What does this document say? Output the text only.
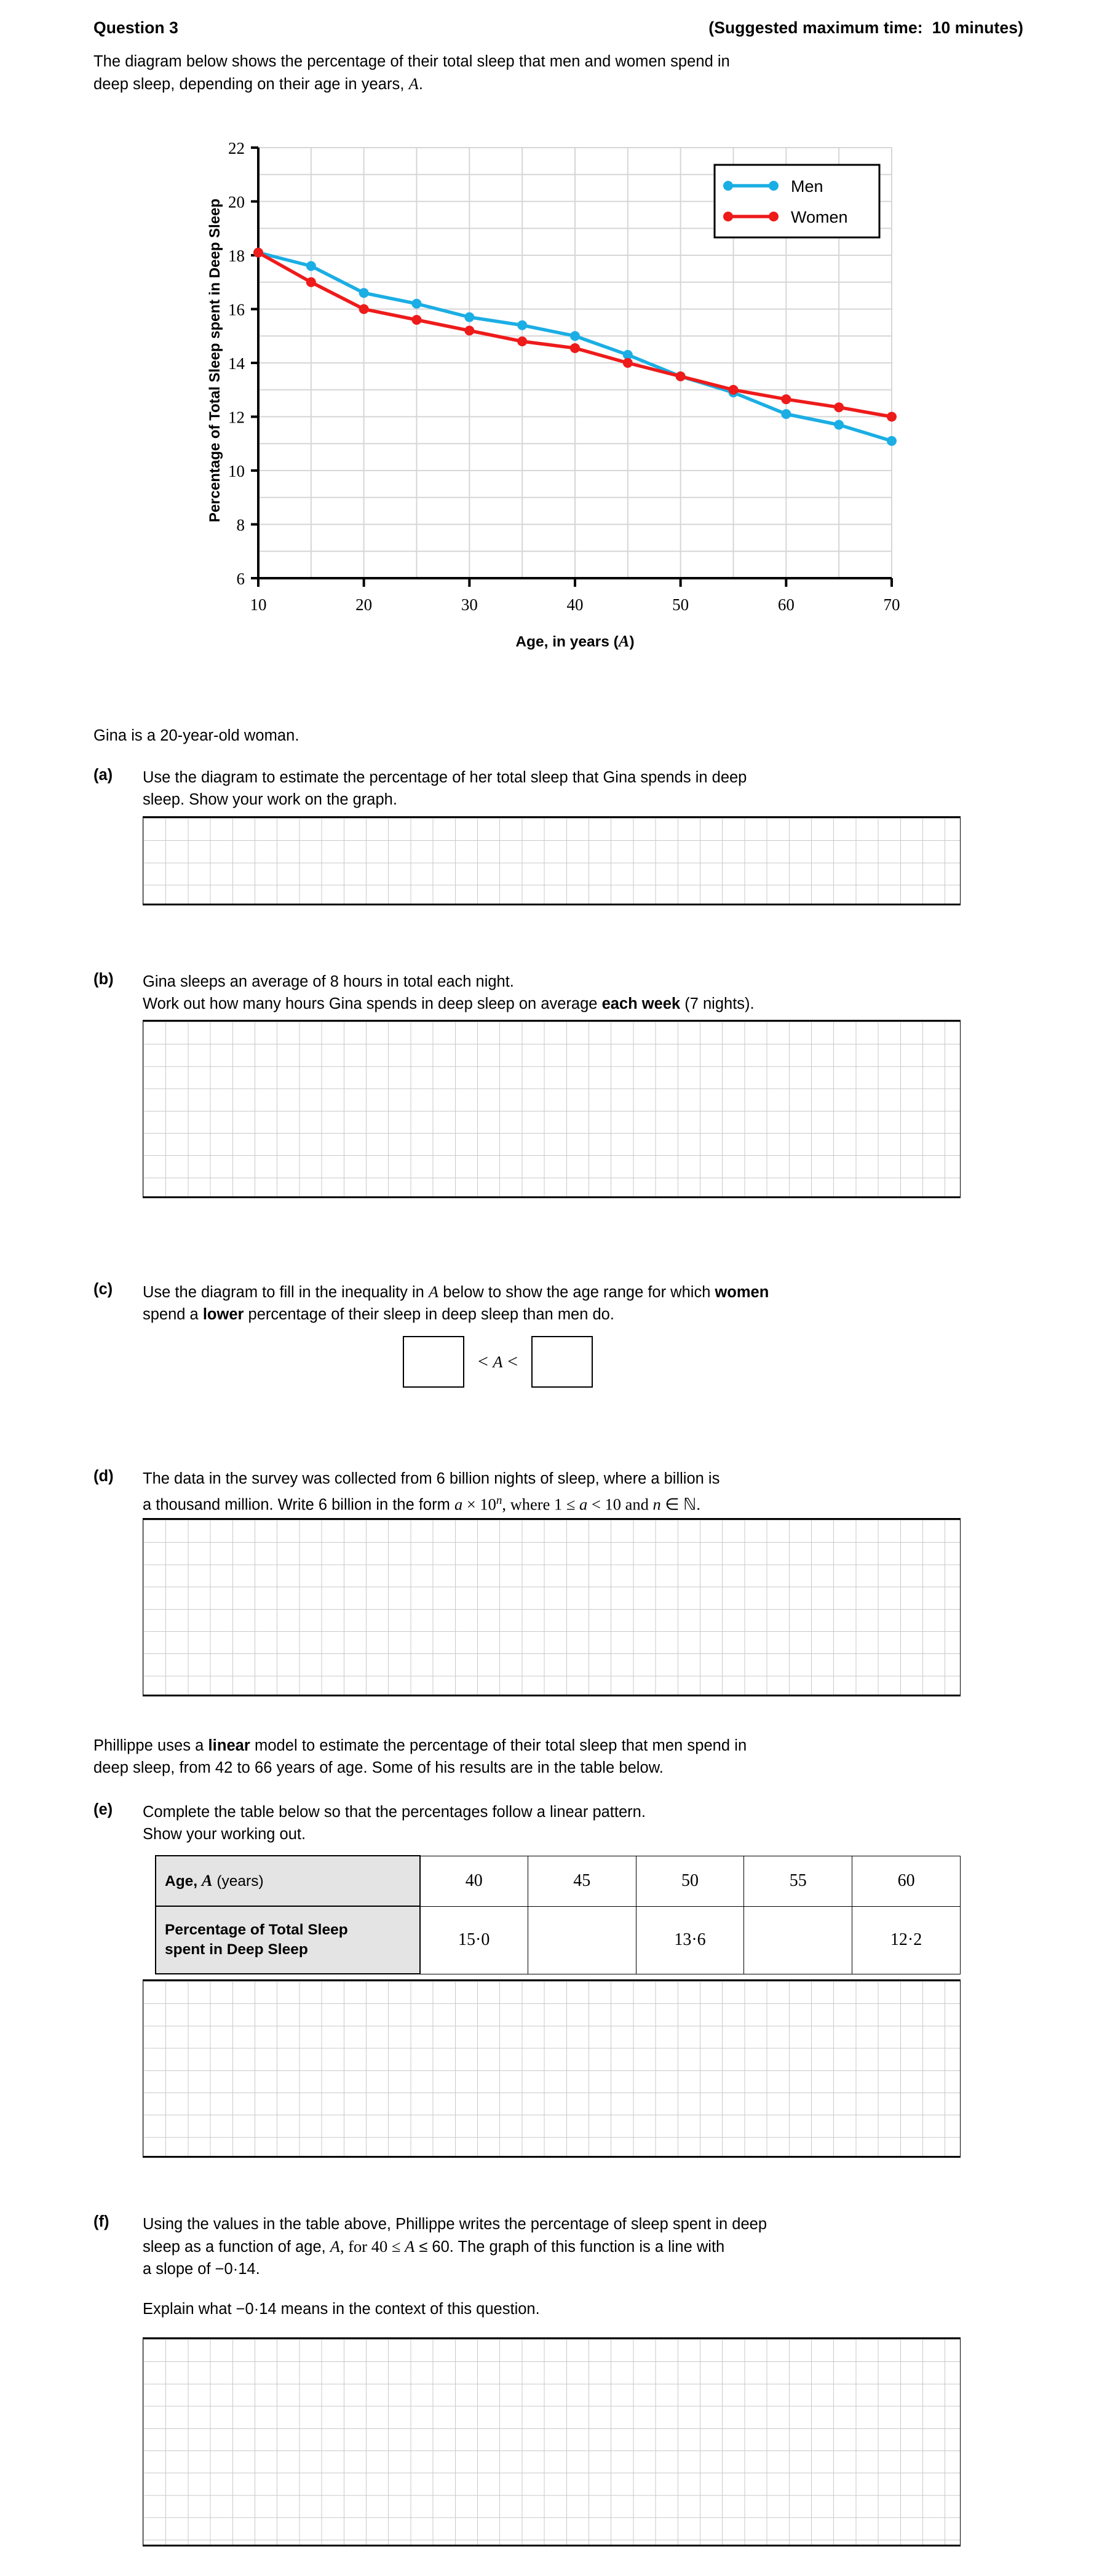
Question 3	(Suggested maximum time:  10 minutes)
The diagram below shows the percentage of their total sleep that men and women spend in
deep sleep, depending on their age in years, A.
Percentage of Total Sleep spent in Deep Sleep
6
8
10
12
14
16
18
20
22
10	20	30	40	50	60	70
Men
Women
Age, in years (A)
Gina is a 20-year-old woman.
(a) Use the diagram to estimate the percentage of her total sleep that Gina spends in deep
sleep. Show your work on the graph.
(b) Gina sleeps an average of 8 hours in total each night.
Work out how many hours Gina spends in deep sleep on average each week (7 nights).
(c) Use the diagram to fill in the inequality in A below to show the age range for which women
spend a lower percentage of their sleep in deep sleep than men do.
< A <
(d) The data in the survey was collected from 6 billion nights of sleep, where a billion is
a thousand million. Write 6 billion in the form $a \times 10^n$, where 1 ≤ a < 10 and n ∈ ℕ.
Phillippe uses a linear model to estimate the percentage of their total sleep that men spend in
deep sleep, from 42 to 66 years of age. Some of his results are in the table below.
(e) Complete the table below so that the percentages follow a linear pattern.
Show your working out.
Age, A (years)	40	45	50	55	60
Percentage of Total Sleep
spent in Deep Sleep	15·0		13·6		12·2
(f) Using the values in the table above, Phillippe writes the percentage of sleep spent in deep
sleep as a function of age, A, for 40 ≤ A ≤ 60. The graph of this function is a line with
a slope of −0·14.
Explain what −0·14 means in the context of this question.
